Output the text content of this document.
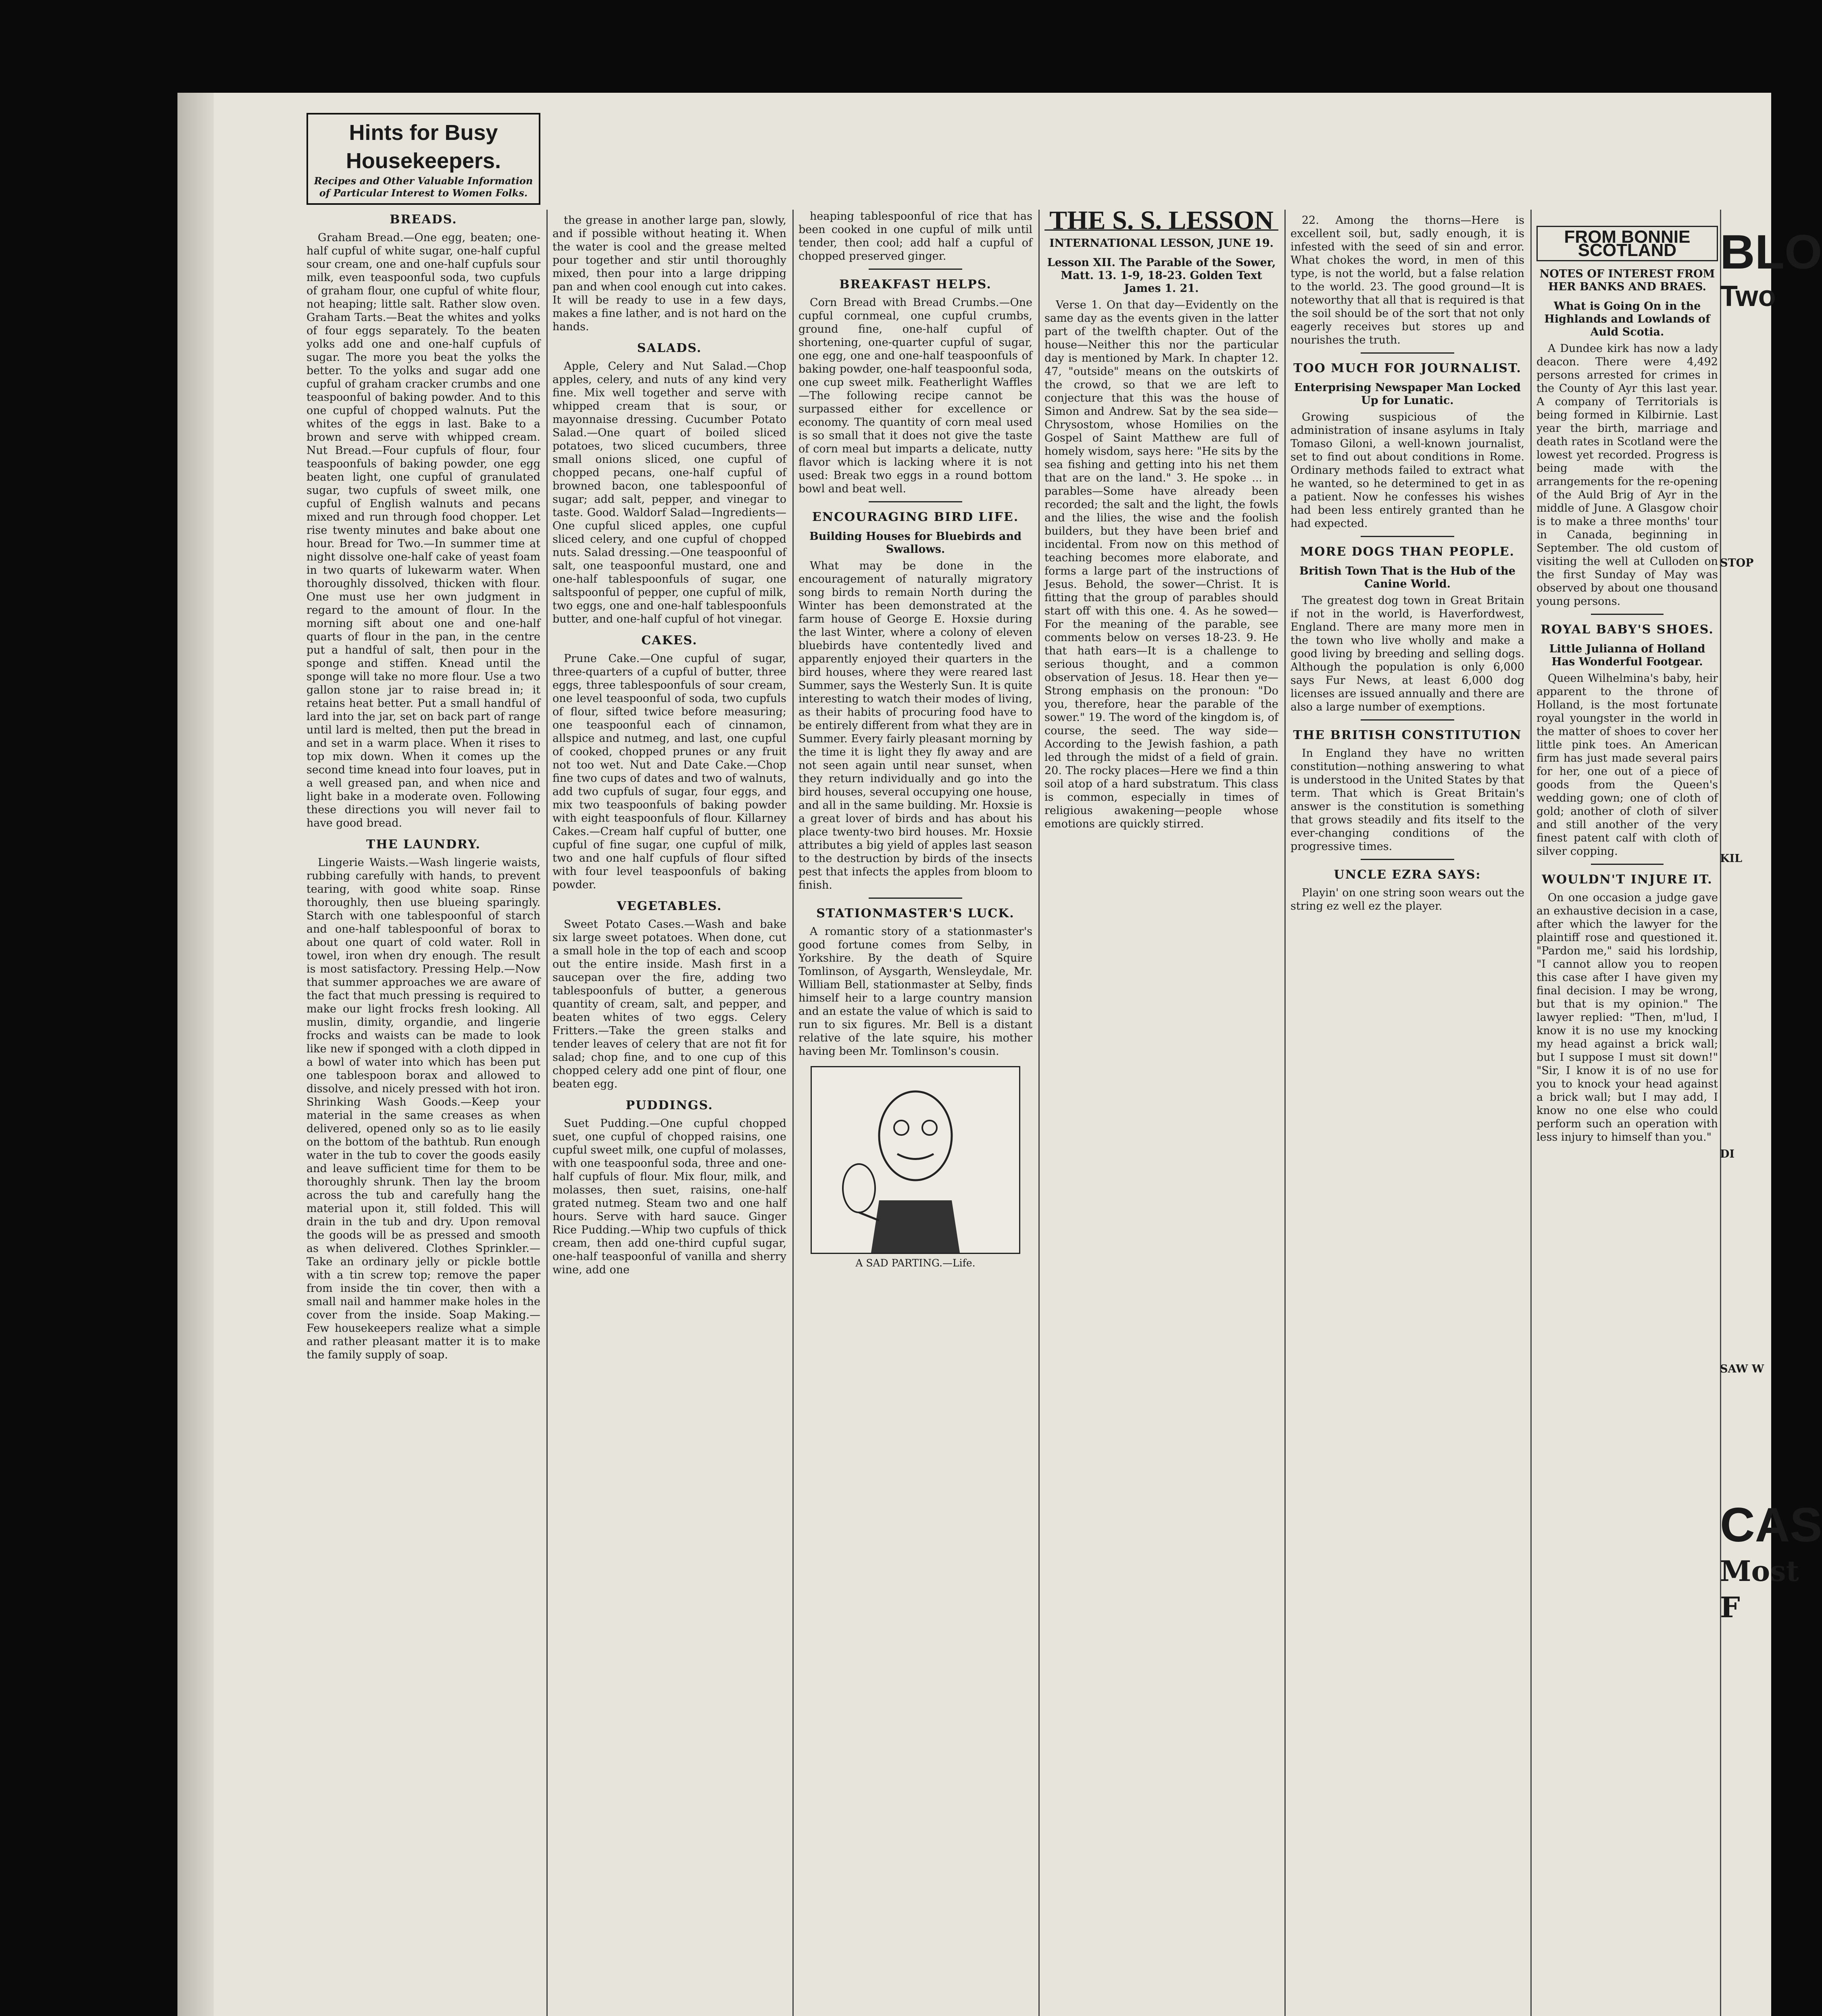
Hints for Busy Housekeepers.
Recipes and Other Valuable Information of Particular Interest to Women Folks.
BREADS.

Graham Bread.—One egg, beaten; one-half cupful of white sugar, one-half cupful sour cream, one and one-half cupfuls sour milk, even teaspoonful soda, two cupfuls of graham flour, one cupful of white flour, not heaping; little salt. Rather slow oven. Graham Tarts.—Beat the whites and yolks of four eggs separately. To the beaten yolks add one and one-half cupfuls of sugar. The more you beat the yolks the better. To the yolks and sugar add one cupful of graham cracker crumbs and one teaspoonful of baking powder. And to this one cupful of chopped walnuts. Put the whites of the eggs in last. Bake to a brown and serve with whipped cream. Nut Bread.—Four cupfuls of flour, four teaspoonfuls of baking powder, one egg beaten light, one cupful of granulated sugar, two cupfuls of sweet milk, one cupful of English walnuts and pecans mixed and run through food chopper. Let rise twenty minutes and bake about one hour. Bread for Two.—In summer time at night dissolve one-half cake of yeast foam in two quarts of lukewarm water. When thoroughly dissolved, thicken with flour. One must use her own judgment in regard to the amount of flour. In the morning sift about one and one-half quarts of flour in the pan, in the centre put a handful of salt, then pour in the sponge and stiffen. Knead until the sponge will take no more flour. Use a two gallon stone jar to raise bread in; it retains heat better. Put a small handful of lard into the jar, set on back part of range until lard is melted, then put the bread in and set in a warm place. When it rises to top mix down. When it comes up the second time knead into four loaves, put in a well greased pan, and when nice and light bake in a moderate oven. Following these directions you will never fail to have good bread.

THE LAUNDRY.

Lingerie Waists.—Wash lingerie waists, rubbing carefully with hands, to prevent tearing, with good white soap. Rinse thoroughly, then use blueing sparingly. Starch with one tablespoonful of starch and one-half tablespoonful of borax to about one quart of cold water. Roll in towel, iron when dry enough. The result is most satisfactory. Pressing Help.—Now that summer approaches we are aware of the fact that much pressing is required to make our light frocks fresh looking. All muslin, dimity, organdie, and lingerie frocks and waists can be made to look like new if sponged with a cloth dipped in a bowl of water into which has been put one tablespoon borax and allowed to dissolve, and nicely pressed with hot iron. Shrinking Wash Goods.—Keep your material in the same creases as when delivered, opened only so as to lie easily on the bottom of the bathtub. Run enough water in the tub to cover the goods easily and leave sufficient time for them to be thoroughly shrunk. Then lay the broom across the tub and carefully hang the material upon it, still folded. This will drain in the tub and dry. Upon removal the goods will be as pressed and smooth as when delivered. Clothes Sprinkler.—Take an ordinary jelly or pickle bottle with a tin screw top; remove the paper from inside the tin cover, then with a small nail and hammer make holes in the cover from the inside. Soap Making.—Few housekeepers realize what a simple and rather pleasant matter it is to make the family supply of soap.

the grease in another large pan, slowly, and if possible without heating it. When the water is cool and the grease melted pour together and stir until thoroughly mixed, then pour into a large dripping pan and when cool enough cut into cakes. It will be ready to use in a few days, makes a fine lather, and is not hard on the hands.

SALADS.

Apple, Celery and Nut Salad.—Chop apples, celery, and nuts of any kind very fine. Mix well together and serve with whipped cream that is sour, or mayonnaise dressing. Cucumber Potato Salad.—One quart of boiled sliced potatoes, two sliced cucumbers, three small onions sliced, one cupful of chopped pecans, one-half cupful of browned bacon, one tablespoonful of sugar; add salt, pepper, and vinegar to taste. Good. Waldorf Salad—Ingredients—One cupful sliced apples, one cupful sliced celery, and one cupful of chopped nuts. Salad dressing.—One teaspoonful of salt, one teaspoonful mustard, one and one-half tablespoonfuls of sugar, one saltspoonful of pepper, one cupful of milk, two eggs, one and one-half tablespoonfuls butter, and one-half cupful of hot vinegar.

CAKES.

Prune Cake.—One cupful of sugar, three-quarters of a cupful of butter, three eggs, three tablespoonfuls of sour cream, one level teaspoonful of soda, two cupfuls of flour, sifted twice before measuring; one teaspoonful each of cinnamon, allspice and nutmeg, and last, one cupful of cooked, chopped prunes or any fruit not too wet. Nut and Date Cake.—Chop fine two cups of dates and two of walnuts, add two cupfuls of sugar, four eggs, and mix two teaspoonfuls of baking powder with eight teaspoonfuls of flour. Killarney Cakes.—Cream half cupful of butter, one cupful of fine sugar, one cupful of milk, two and one half cupfuls of flour sifted with four level teaspoonfuls of baking powder.

VEGETABLES.

Sweet Potato Cases.—Wash and bake six large sweet potatoes. When done, cut a small hole in the top of each and scoop out the entire inside. Mash first in a saucepan over the fire, adding two tablespoonfuls of butter, a generous quantity of cream, salt, and pepper, and beaten whites of two eggs. Celery Fritters.—Take the green stalks and tender leaves of celery that are not fit for salad; chop fine, and to one cup of this chopped celery add one pint of flour, one beaten egg.

PUDDINGS.

Suet Pudding.—One cupful chopped suet, one cupful of chopped raisins, one cupful sweet milk, one cupful of molasses, with one teaspoonful soda, three and one-half cupfuls of flour. Mix flour, milk, and molasses, then suet, raisins, one-half grated nutmeg. Steam two and one half hours. Serve with hard sauce. Ginger Rice Pudding.—Whip two cupfuls of thick cream, then add one-third cupful sugar, one-half teaspoonful of vanilla and sherry wine, add one

heaping tablespoonful of rice that has been cooked in one cupful of milk until tender, then cool; add half a cupful of chopped preserved ginger.

BREAKFAST HELPS.

Corn Bread with Bread Crumbs.—One cupful cornmeal, one cupful crumbs, ground fine, one-half cupful of shortening, one-quarter cupful of sugar, one egg, one and one-half teaspoonfuls of baking powder, one-half teaspoonful soda, one cup sweet milk. Featherlight Waffles—The following recipe cannot be surpassed either for excellence or economy. The quantity of corn meal used is so small that it does not give the taste of corn meal but imparts a delicate, nutty flavor which is lacking where it is not used: Break two eggs in a round bottom bowl and beat well.

ENCOURAGING BIRD LIFE.
Building Houses for Bluebirds and Swallows.

What may be done in the encouragement of naturally migratory song birds to remain North during the Winter has been demonstrated at the farm house of George E. Hoxsie during the last Winter, where a colony of eleven bluebirds have contentedly lived and apparently enjoyed their quarters in the bird houses, where they were reared last Summer, says the Westerly Sun. It is quite interesting to watch their modes of living, as their habits of procuring food have to be entirely different from what they are in Summer. Every fairly pleasant morning by the time it is light they fly away and are not seen again until near sunset, when they return individually and go into the bird houses, several occupying one house, and all in the same building. Mr. Hoxsie is a great lover of birds and has about his place twenty-two bird houses. Mr. Hoxsie attributes a big yield of apples last season to the destruction by birds of the insects pest that infects the apples from bloom to finish.

STATIONMASTER'S LUCK.

A romantic story of a stationmaster's good fortune comes from Selby, in Yorkshire. By the death of Squire Tomlinson, of Aysgarth, Wensleydale, Mr. William Bell, stationmaster at Selby, finds himself heir to a large country mansion and an estate the value of which is said to run to six figures. Mr. Bell is a distant relative of the late squire, his mother having been Mr. Tomlinson's cousin.

A SAD PARTING.—Life.
THE S. S. LESSON
INTERNATIONAL LESSON, JUNE 19.
Lesson XII. The Parable of the Sower, Matt. 13. 1-9, 18-23. Golden Text James 1. 21.

Verse 1. On that day—Evidently on the same day as the events given in the latter part of the twelfth chapter. Out of the house—Neither this nor the particular day is mentioned by Mark. In chapter 12. 47, "outside" means on the outskirts of the crowd, so that we are left to conjecture that this was the house of Simon and Andrew. Sat by the sea side—Chrysostom, whose Homilies on the Gospel of Saint Matthew are full of homely wisdom, says here: "He sits by the sea fishing and getting into his net them that are on the land." 3. He spoke ... in parables—Some have already been recorded; the salt and the light, the fowls and the lilies, the wise and the foolish builders, but they have been brief and incidental. From now on this method of teaching becomes more elaborate, and forms a large part of the instructions of Jesus. Behold, the sower—Christ. It is fitting that the group of parables should start off with this one. 4. As he sowed—For the meaning of the parable, see comments below on verses 18-23. 9. He that hath ears—It is a challenge to serious thought, and a common observation of Jesus. 18. Hear then ye—Strong emphasis on the pronoun: "Do you, therefore, hear the parable of the sower." 19. The word of the kingdom is, of course, the seed. The way side—According to the Jewish fashion, a path led through the midst of a field of grain. 20. The rocky places—Here we find a thin soil atop of a hard substratum. This class is common, especially in times of religious awakening—people whose emotions are quickly stirred.

22. Among the thorns—Here is excellent soil, but, sadly enough, it is infested with the seed of sin and error. What chokes the word, in men of this type, is not the world, but a false relation to the world. 23. The good ground—It is noteworthy that all that is required is that the soil should be of the sort that not only eagerly receives but stores up and nourishes the truth.

TOO MUCH FOR JOURNALIST.
Enterprising Newspaper Man Locked Up for Lunatic.

Growing suspicious of the administration of insane asylums in Italy Tomaso Giloni, a well-known journalist, set to find out about conditions in Rome. Ordinary methods failed to extract what he wanted, so he determined to get in as a patient. Now he confesses his wishes had been less entirely granted than he had expected.

MORE DOGS THAN PEOPLE.
British Town That is the Hub of the Canine World.

The greatest dog town in Great Britain if not in the world, is Haverfordwest, England. There are many more men in the town who live wholly and make a good living by breeding and selling dogs. Although the population is only 6,000 says Fur News, at least 6,000 dog licenses are issued annually and there are also a large number of exemptions.

THE BRITISH CONSTITUTION

In England they have no written constitution—nothing answering to what is understood in the United States by that term. That which is Great Britain's answer is the constitution is something that grows steadily and fits itself to the ever-changing conditions of the progressive times.

UNCLE EZRA SAYS:

Playin' on one string soon wears out the string ez well ez the player.

FROM BONNIE SCOTLAND
NOTES OF INTEREST FROM HER BANKS AND BRAES.
What is Going On in the Highlands and Lowlands of Auld Scotia.

A Dundee kirk has now a lady deacon. There were 4,492 persons arrested for crimes in the County of Ayr this last year. A company of Territorials is being formed in Kilbirnie. Last year the birth, marriage and death rates in Scotland were the lowest yet recorded. Progress is being made with the arrangements for the re-opening of the Auld Brig of Ayr in the middle of June. A Glasgow choir is to make a three months' tour in Canada, beginning in September. The old custom of visiting the well at Culloden on the first Sunday of May was observed by about one thousand young persons.

ROYAL BABY'S SHOES.
Little Julianna of Holland Has Wonderful Footgear.

Queen Wilhelmina's baby, heir apparent to the throne of Holland, is the most fortunate royal youngster in the world in the matter of shoes to cover her little pink toes. An American firm has just made several pairs for her, one out of a piece of goods from the Queen's wedding gown; one of cloth of gold; another of cloth of silver and still another of the very finest patent calf with cloth of silver copping.

WOULDN'T INJURE IT.

On one occasion a judge gave an exhaustive decision in a case, after which the lawyer for the plaintiff rose and questioned it. "Pardon me," said his lordship, "I cannot allow you to reopen this case after I have given my final decision. I may be wrong, but that is my opinion." The lawyer replied: "Then, m'lud, I know it is no use my knocking my head against a brick wall; but I suppose I must sit down!" "Sir, I know it is of no use for you to knock your head against a brick wall; but I may add, I know no one else who could perform such an operation with less injury to himself than you."

BLO
Two
STOP
KIL
DI
SAW W
CAS
Most
F
